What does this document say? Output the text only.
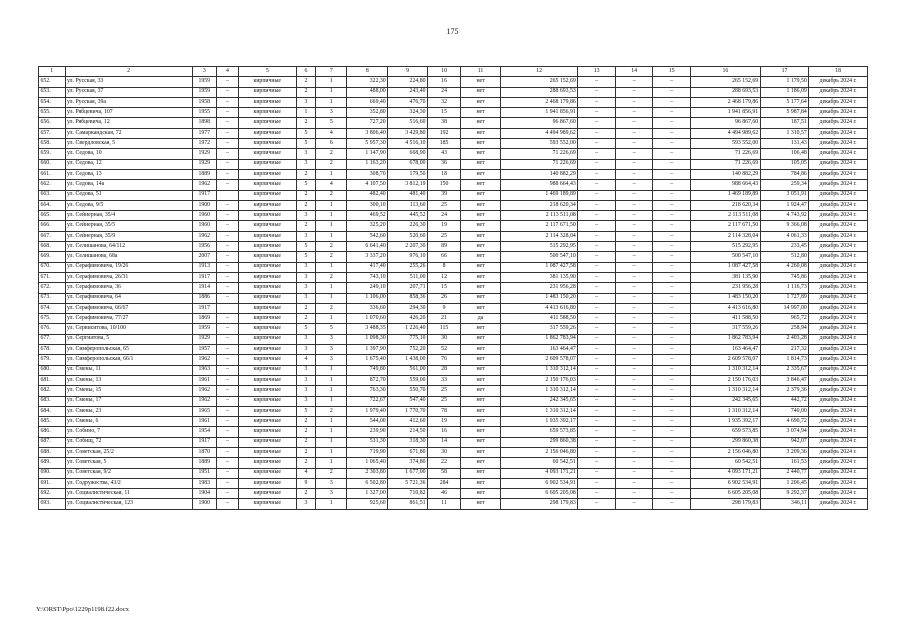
175
1	2	3	4	5	6	7	8	9	10	11	12	13	14	15	16	17	18
652.	ул. Русская, 33	1959	–	кирпичные	2	1	322,30	224,80	16	нет	265 152,69	–	–	–	265 152,69	1 179,50	декабрь 2024 г.
653.	ул. Русская, 37	1959	–	кирпичные	2	1	488,00	243,40	24	нет	288 693,53	–	–	–	288 693,53	1 186,09	декабрь 2024 г.
654.	ул. Русская, 39а	1958	–	кирпичные	3	1	669,40	476,70	32	нет	2 468 179,86	–	–	–	2 468 179,86	5 177,64	декабрь 2024 г.
655.	ул. Рябцевича, 107	1955	–	кирпичные	1	3	352,80	324,30	15	нет	1 941 856,91	–	–	–	1 941 856,91	5 987,84	декабрь 2024 г.
656.	ул. Рябцевича, 12	1898	–	кирпичные	2	5	727,20	516,60	38	нет	96 867,60	–	–	–	96 867,60	187,51	декабрь 2024 г.
657.	ул. Самаркандская, 72	1977	–	кирпичные	5	4	3 806,40	3 429,80	192	нет	4 494 989,62	–	–	–	4 494 989,62	1 310,57	декабрь 2024 г.
658.	ул. Свердловская, 5	1972	–	кирпичные	5	6	5 957,30	4 516,10	185	нет	593 552,00	–	–	–	593 552,00	131,43	декабрь 2024 г.
659.	ул. Седова, 10	1929	–	кирпичные	3	2	1 147,90	668,90	43	нет	71 226,69	–	–	–	71 226,69	106,48	декабрь 2024 г.
660.	ул. Седова, 12	1929	–	кирпичные	3	2	1 163,20	678,00	36	нет	71 226,69	–	–	–	71 226,69	105,05	декабрь 2024 г.
661.	ул. Седова, 13	1889	–	кирпичные	2	1	308,70	179,50	18	нет	140 882,29	–	–	–	140 882,29	784,86	декабрь 2024 г.
662.	ул. Седова, 14а	1962	–	кирпичные	5	4	4 107,50	3 812,19	150	нет	988 664,43	–	–	–	988 664,43	259,34	декабрь 2024 г.
663.	ул. Седова, 51	1917		кирпичные	2	2	482,40	481,40	39	нет	1 469 189,89	–	–	–	1 469 189,89	3 051,91	декабрь 2024 г.
664.	ул. Седова, 9/5	1900	–	кирпичные	2	1	300,10	113,60	25	нет	218 620,34	–	–	–	218 620,34	1 924,47	декабрь 2024 г.
665.	ул. Сейнерная, 35/4	1960	–	кирпичные	3	1	469,52	445,52	24	нет	2 113 511,08	–	–	–	2 113 511,08	4 743,92	декабрь 2024 г.
666.	ул. Сейнерная, 35/5	1960	–	кирпичные	2	1	325,20	226,30	19	нет	2 117 671,50	–	–	–	2 117 671,50	9 366,08	декабрь 2024 г.
667.	ул. Сейнерная, 35/9	1962	–	кирпичные	3	1	542,60	520,60	25	нет	2 114 328,04	–	–	–	2 114 328,04	4 061,33	декабрь 2024 г.
668.	ул. Селишанова, 64/112	1956	–	кирпичные	5	2	6 641,40	2 207,30	89	нет	515 292,95	–	–	–	515 292,95	233,45	декабрь 2024 г.
669.	ул. Селишанова, 68а	2007	–	кирпичные	5	2	3 337,20	976,10	66	нет	500 547,10	–	–	–	500 547,10	512,80	декабрь 2024 г.
670.	ул. Серафимовича, 19/26	1913	–	кирпичные	3	1	417,40	255,26	8	нет	1 087 427,58	–	–	–	1 087 427,58	4 260,08	декабрь 2024 г.
671.	ул. Серафимовича, 26/31	1917	–	кирпичные	3	2	743,10	511,00	12	нет	381 135,90	–	–	–	381 135,90	745,86	декабрь 2024 г.
672.	ул. Серафимовича, 36	1914	–	кирпичные	3	1	249,10	207,71	15	нет	231 956,28	–	–	–	231 956,28	1 116,73	декабрь 2024 г.
673.	ул. Серафимовича, 64	1886	–	кирпичные	3	1	1 106,00	858,36	26	нет	1 483 150,20	–	–	–	1 483 150,20	1 727,89	декабрь 2024 г.
674.	ул. Серафимовича, 66/67	1917		кирпичные	2	2	336,60	294,30	9	нет	4 413 616,80	–	–	–	4 413 616,80	14 997,00	декабрь 2024 г.
675.	ул. Серафимовича, 77/27	1869	–	кирпичные	2	1	1 070,60	426,20	21	да	411 588,50	–	–	–	411 588,50	965,72	декабрь 2024 г.
676.	ул. Сервиситова, 10/100	1959	–	кирпичные	5	5	3 488,35	1 226,40	115	нет	317 559,26	–	–	–	317 559,26	258,94	декабрь 2024 г.
677.	ул. Сергиатова, 5	1929	–	кирпичные	3	3	1 098,30	775,10	30	нет	1 862 783,94	–	–	–	1 862 783,94	2 403,28	декабрь 2024 г.
678.	ул. Симферопольская, 65	1957	–	кирпичные	3	3	1 397,90	752,20	52	нет	163 464,47	–	–	–	163 464,47	217,32	декабрь 2024 г.
679.	ул. Симферопольская, 66/1	1962	–	кирпичные	4	3	1 675,40	1 438,00	76	нет	2 609 578,07	–	–	–	2 609 578,07	1 814,73	декабрь 2024 г.
680.	ул. Смены, 11	1963	–	кирпичные	3	1	749,80	561,00	28	нет	1 310 312,14	–	–	–	1 310 312,14	2 335,67	декабрь 2024 г.
681.	ул. Смены, 13	1961	–	кирпичные	3	1	872,70	559,00	33	нет	2 150 176,03	–	–	–	2 150 176,03	3 846,47	декабрь 2024 г.
682.	ул. Смены, 15	1962	–	кирпичные	3	1	763,30	550,70	25	нет	1 310 312,14	–	–	–	1 310 312,14	2 379,36	декабрь 2024 г.
683.	ул. Смены, 17	1962	–	кирпичные	3	1	722,67	547,40	25	нет	242 345,65	–	–	–	242 345,65	442,72	декабрь 2024 г.
684.	ул. Смены, 23	1965	–	кирпичные	5	2	1 979,40	1 770,70	78	нет	1 310 312,14	–	–	–	1 310 312,14	740,00	декабрь 2024 г.
685.	ул. Смены, 6	1961	–	кирпичные	2	1	544,00	412,60	19	нет	1 935 392,17	–	–	–	1 935 392,17	4 690,72	декабрь 2024 г.
686.	ул. Собино, 7	1954	–	кирпичные	2	1	239,90	214,50	16	нет	659 573,85	–	–	–	659 573,85	3 074,94	декабрь 2024 г.
687.	ул. Собищ, 72	1917	–	кирпичные	2	1	531,30	318,30	14	нет	299 860,38	–	–	–	299 860,38	942,07	декабрь 2024 г.
688.	ул. Советская, 25/2	1870	–	кирпичные	2	1	719,90	671,80	30	нет	2 156 046,80	–	–	–	2 156 046,80	3 209,36	декабрь 2024 г.
689.	ул. Советская, 5	1889	–	кирпичные	2	1	1 065,40	374,80	22	нет	60 542,51	–	–	–	60 542,51	161,53	декабрь 2024 г.
690.	ул. Советская, 9/2	1951	–	кирпичные	4	2	2 303,80	1 677,00	58	нет	4 093 171,21	–	–	–	4 093 171,21	2 440,77	декабрь 2024 г.
691.	ул. Содружества, 43/2	1983	–	кирпичные	9	3	6 502,80	5 721,36	284	нет	6 902 534,91	–	–	–	6 902 534,91	1 206,45	декабрь 2024 г.
692.	ул. Социалистическая, 11	1904	–	кирпичные	2	3	1 327,00	710,82	46	нет	6 605 205,08	–	–	–	6 605 205,08	9 292,37	декабрь 2024 г.
693.	ул. Социалистическая, 123	1900	–	кирпичные	3	1	925,60	861,51	11	нет	298 179,83	–	–	–	298 179,83	346,11	декабрь 2024 г.
Y:\ORST\Ppo\1229p1198.f22.docx
